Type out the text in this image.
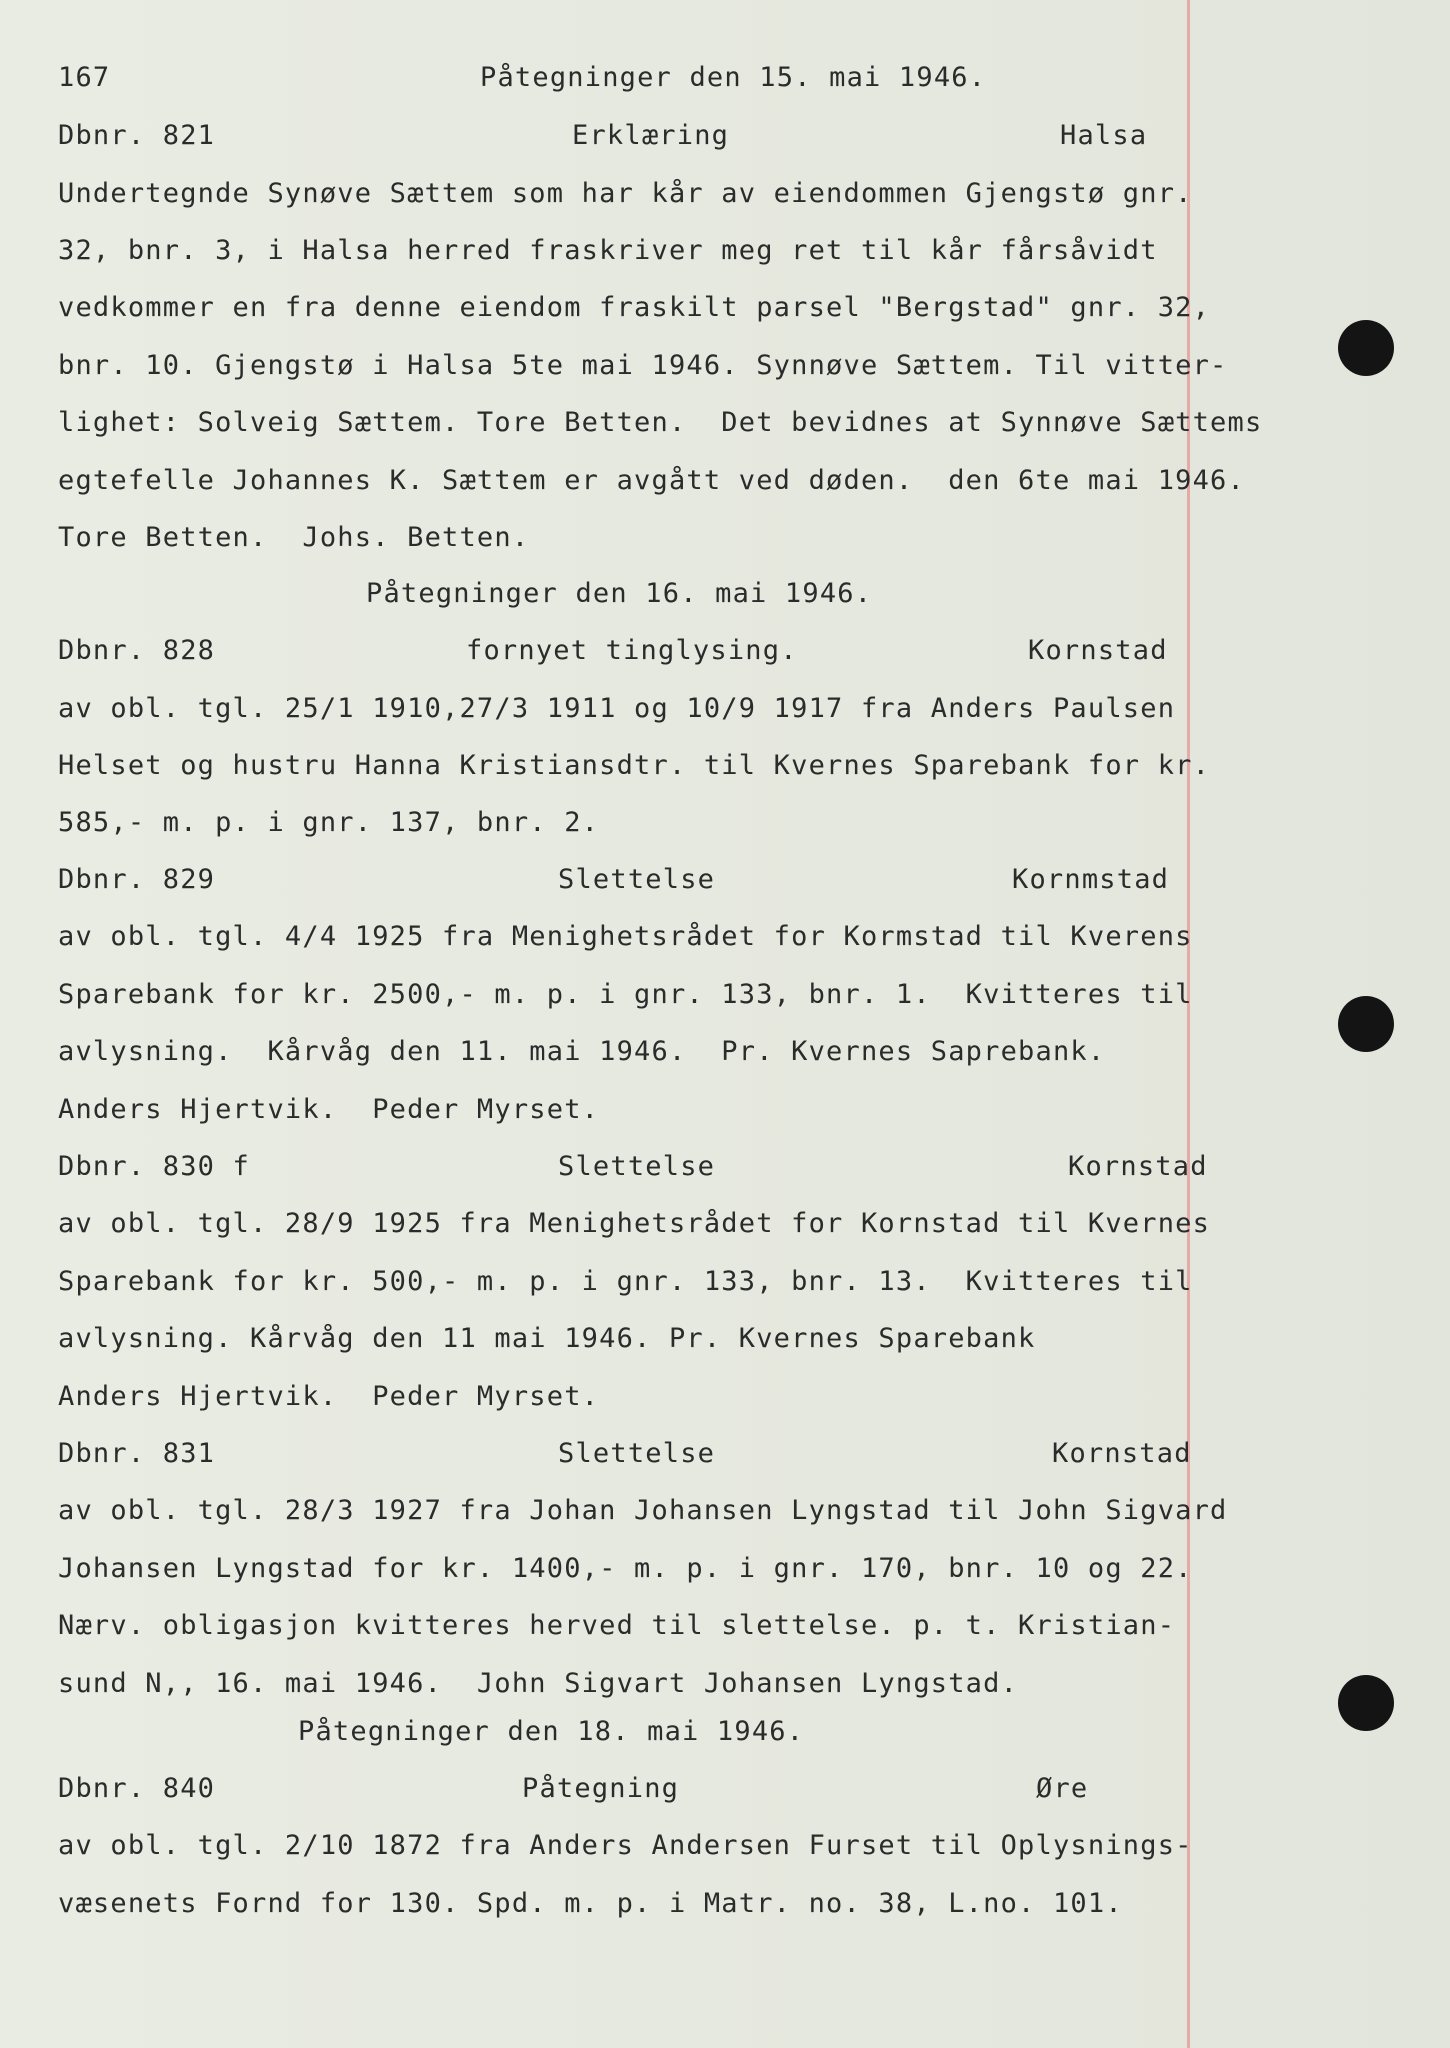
167	Påtegninger den 15. mai 1946.
Dbnr. 821	Erklæring	Halsa
Undertegnde Synøve Sættem som har kår av eiendommen Gjengstø gnr.
32, bnr. 3, i Halsa herred fraskriver meg ret til kår fårsåvidt
vedkommer en fra denne eiendom fraskilt parsel "Bergstad" gnr. 32,
bnr. 10. Gjengstø i Halsa 5te mai 1946. Synnøve Sættem. Til vitter-
lighet: Solveig Sættem. Tore Betten.  Det bevidnes at Synnøve Sættems
egtefelle Johannes K. Sættem er avgått ved døden.  den 6te mai 1946.
Tore Betten.  Johs. Betten.
Påtegninger den 16. mai 1946.
Dbnr. 828	fornyet tinglysing.	Kornstad
av obl. tgl. 25/1 1910,27/3 1911 og 10/9 1917 fra Anders Paulsen
Helset og hustru Hanna Kristiansdtr. til Kvernes Sparebank for kr.
585,- m. p. i gnr. 137, bnr. 2.
Dbnr. 829	Slettelse	Kornmstad
av obl. tgl. 4/4 1925 fra Menighetsrådet for Kormstad til Kverens
Sparebank for kr. 2500,- m. p. i gnr. 133, bnr. 1.  Kvitteres til
avlysning.  Kårvåg den 11. mai 1946.  Pr. Kvernes Saprebank.
Anders Hjertvik.  Peder Myrset.
Dbnr. 830 f	Slettelse	Kornstad
av obl. tgl. 28/9 1925 fra Menighetsrådet for Kornstad til Kvernes
Sparebank for kr. 500,- m. p. i gnr. 133, bnr. 13.  Kvitteres til
avlysning. Kårvåg den 11 mai 1946. Pr. Kvernes Sparebank
Anders Hjertvik.  Peder Myrset.
Dbnr. 831	Slettelse	Kornstad
av obl. tgl. 28/3 1927 fra Johan Johansen Lyngstad til John Sigvard
Johansen Lyngstad for kr. 1400,- m. p. i gnr. 170, bnr. 10 og 22.
Nærv. obligasjon kvitteres herved til slettelse. p. t. Kristian-
sund N,, 16. mai 1946.  John Sigvart Johansen Lyngstad.
Påtegninger den 18. mai 1946.
Dbnr. 840	Påtegning	Øre
av obl. tgl. 2/10 1872 fra Anders Andersen Furset til Oplysnings-
væsenets Fornd for 130. Spd. m. p. i Matr. no. 38, L.no. 101.
